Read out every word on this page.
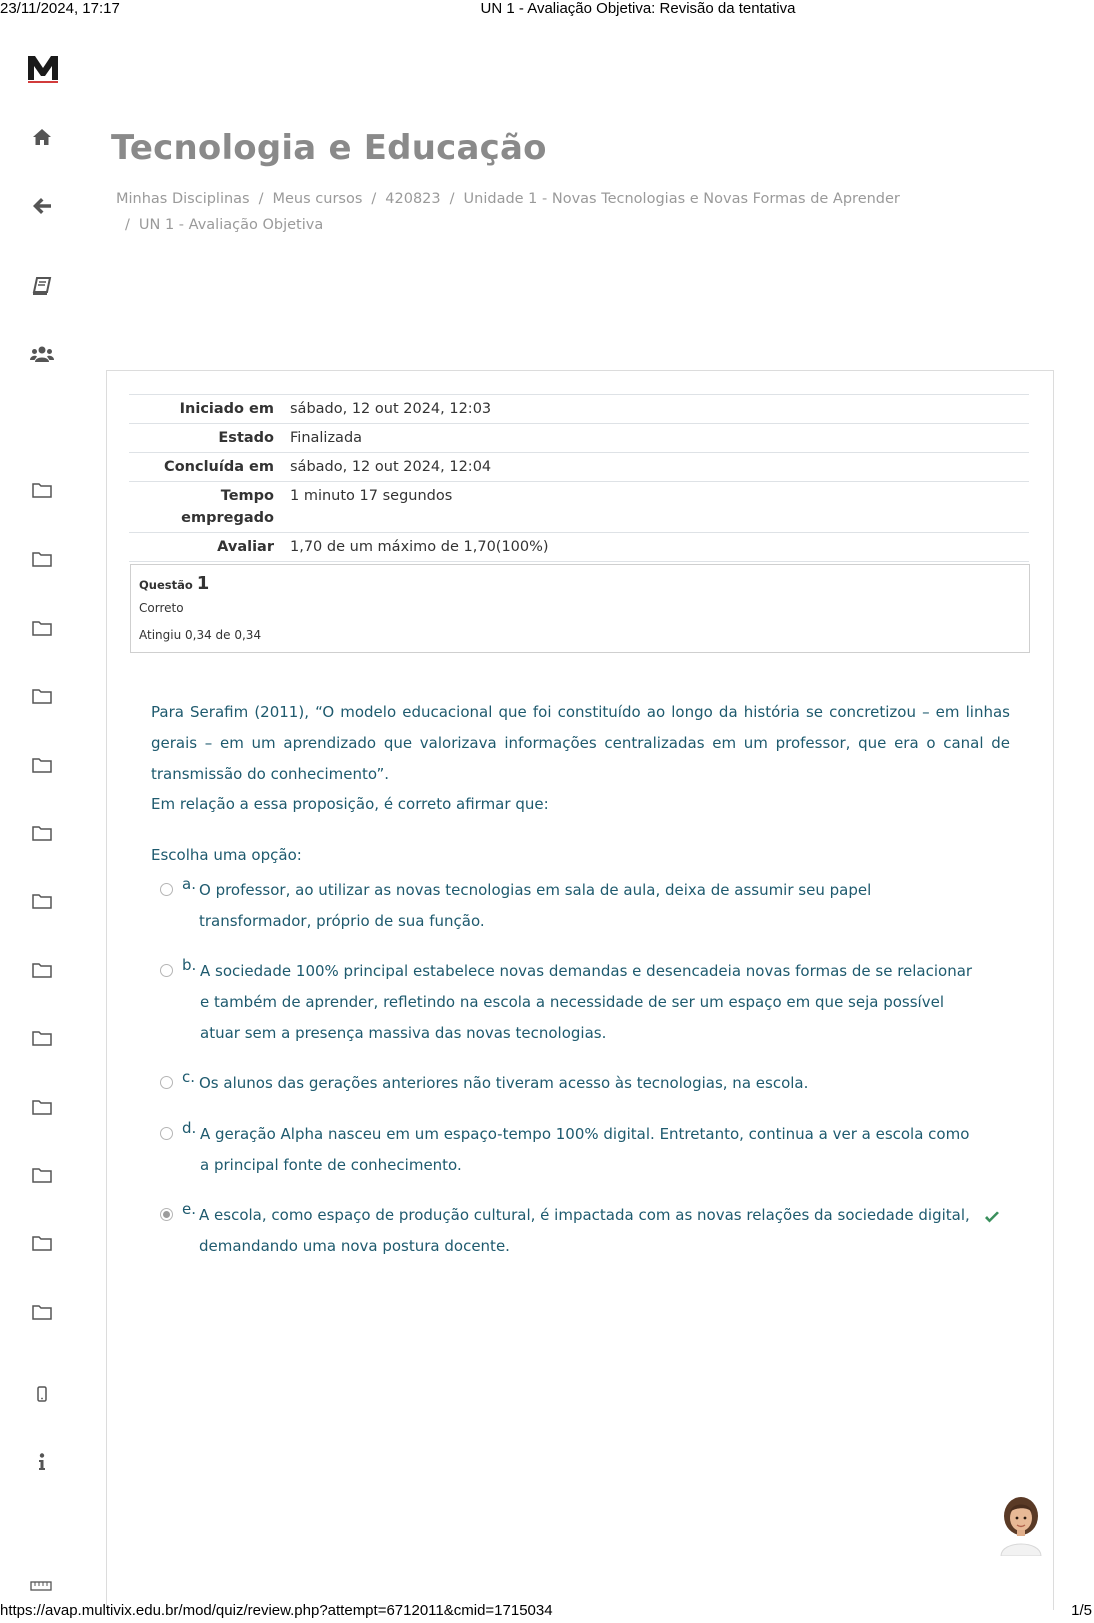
23/11/2024, 17:17	UN 1 - Avaliação Objetiva: Revisão da tentativa
Tecnologia e Educação
Minhas Disciplinas / Meus cursos / 420823 / Unidade 1 - Novas Tecnologias e Novas Formas de Aprender
/ UN 1 - Avaliação Objetiva
Iniciado em	sábado, 12 out 2024, 12:03
Estado	Finalizada
Concluída em	sábado, 12 out 2024, 12:04
Tempo empregado	1 minuto 17 segundos
Avaliar	1,70 de um máximo de 1,70(100%)
Questão 1
Correto
Atingiu 0,34 de 0,34

Para Serafim (2011), “O modelo educacional que foi constituído ao longo da história se concretizou – em linhas gerais – em um aprendizado que valorizava informações centralizadas em um professor, que era o canal de transmissão do conhecimento”.

Em relação a essa proposição, é correto afirmar que:

Escolha uma opção:

a. O professor, ao utilizar as novas tecnologias em sala de aula, deixa de assumir seu papel transformador, próprio de sua função.
b. A sociedade 100% principal estabelece novas demandas e desencadeia novas formas de se relacionar e também de aprender, refletindo na escola a necessidade de ser um espaço em que seja possível atuar sem a presença massiva das novas tecnologias.
c. Os alunos das gerações anteriores não tiveram acesso às tecnologias, na escola.
d. A geração Alpha nasceu em um espaço-tempo 100% digital. Entretanto, continua a ver a escola como a principal fonte de conhecimento.
e. A escola, como espaço de produção cultural, é impactada com as novas relações da sociedade digital, demandando uma nova postura docente.
https://avap.multivix.edu.br/mod/quiz/review.php?attempt=6712011&cmid=1715034	1/5
